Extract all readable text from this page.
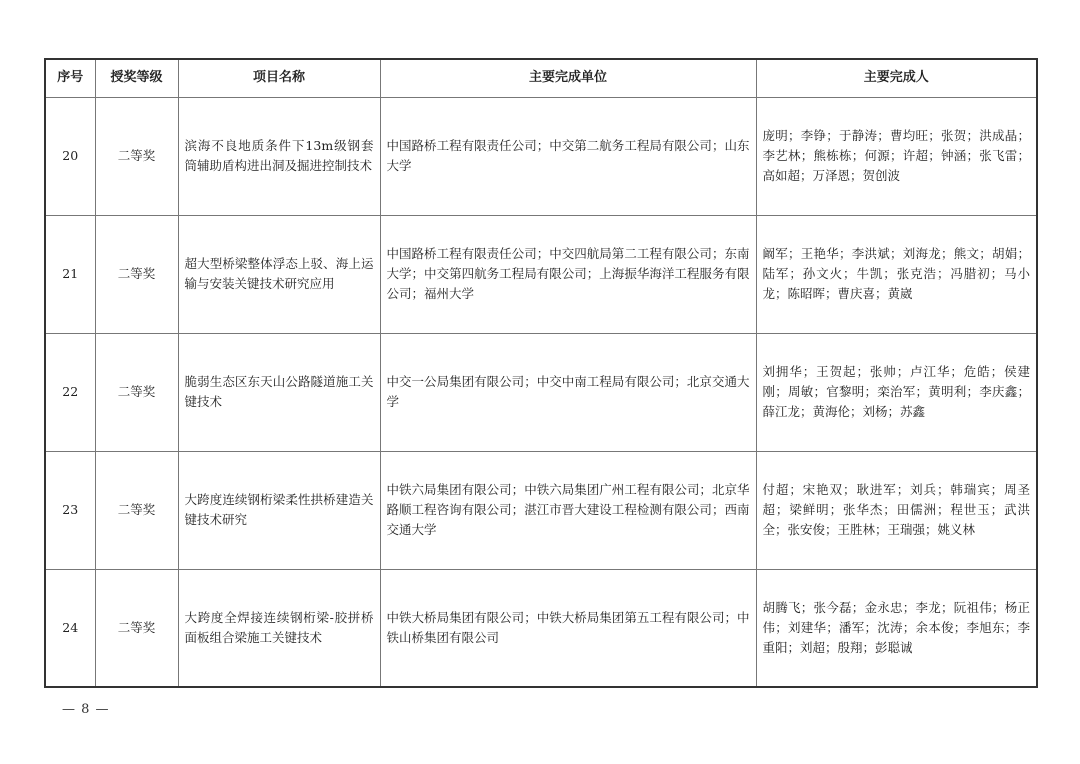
序号	授奖等级	项目名称	主要完成单位	主要完成人
20	二等奖	滨海不良地质条件下13m级钢套筒辅助盾构进出洞及掘进控制技术	中国路桥工程有限责任公司；中交第二航务工程局有限公司；山东大学	庞明；李铮；于静涛；曹均旺；张贺；洪成晶；李艺林；熊栋栋；何源；许超；钟涵；张飞雷；高如超；万泽恩；贺创波
21	二等奖	超大型桥梁整体浮态上驳、海上运输与安装关键技术研究应用	中国路桥工程有限责任公司；中交四航局第二工程有限公司；东南大学；中交第四航务工程局有限公司；上海振华海洋工程服务有限公司；福州大学	阚军；王艳华；李洪斌；刘海龙；熊文；胡娟；陆军；孙文火；牛凯；张克浩；冯腊初；马小龙；陈昭晖；曹庆喜；黄崴
22	二等奖	脆弱生态区东天山公路隧道施工关键技术	中交一公局集团有限公司；中交中南工程局有限公司；北京交通大学	刘拥华；王贺起；张帅；卢江华；危皓；侯建刚；周敏；官黎明；栾治军；黄明利；李庆鑫；薛江龙；黄海伦；刘杨；苏鑫
23	二等奖	大跨度连续钢桁梁柔性拱桥建造关键技术研究	中铁六局集团有限公司；中铁六局集团广州工程有限公司；北京华路顺工程咨询有限公司；湛江市晋大建设工程检测有限公司；西南交通大学	付超；宋艳双；耿进军；刘兵；韩瑞宾；周圣超；梁鲜明；张华杰；田儒洲；程世玉；武洪全；张安俊；王胜林；王瑞强；姚义林
24	二等奖	大跨度全焊接连续钢桁梁-胶拼桥面板组合梁施工关键技术	中铁大桥局集团有限公司；中铁大桥局集团第五工程有限公司；中铁山桥集团有限公司	胡腾飞；张今磊；金永忠；李龙；阮祖伟；杨正伟；刘建华；潘军；沈涛；余本俊；李旭东；李重阳；刘超；殷翔；彭聪诚
— 8 —
